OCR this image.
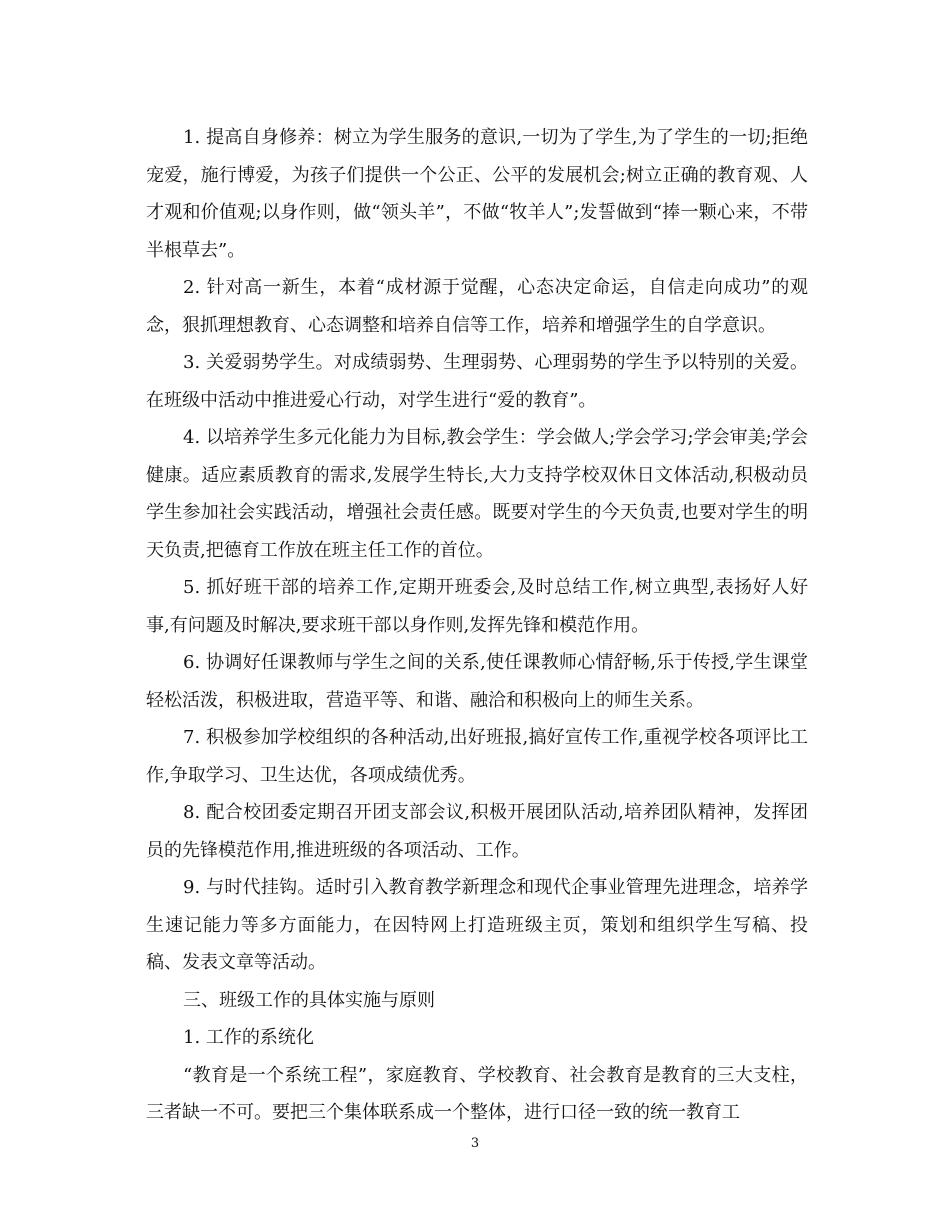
1. 提高自身修养：树立为学生服务的意识,一切为了学生,为了学生的一切;拒绝宠爱，施行博爱，为孩子们提供一个公正、公平的发展机会;树立正确的教育观、人才观和价值观;以身作则，做“领头羊”，不做“牧羊人”;发誓做到“捧一颗心来，不带半根草去”。

2. 针对高一新生，本着“成材源于觉醒，心态决定命运，自信走向成功”的观念，狠抓理想教育、心态调整和培养自信等工作，培养和增强学生的自学意识。

3. 关爱弱势学生。对成绩弱势、生理弱势、心理弱势的学生予以特别的关爱。在班级中活动中推进爱心行动，对学生进行“爱的教育”。

4. 以培养学生多元化能力为目标,教会学生：学会做人;学会学习;学会审美;学会健康。适应素质教育的需求,发展学生特长,大力支持学校双休日文体活动,积极动员学生参加社会实践活动，增强社会责任感。既要对学生的今天负责,也要对学生的明天负责,把德育工作放在班主任工作的首位。

5. 抓好班干部的培养工作,定期开班委会,及时总结工作,树立典型,表扬好人好事,有问题及时解决,要求班干部以身作则,发挥先锋和模范作用。

6. 协调好任课教师与学生之间的关系,使任课教师心情舒畅,乐于传授,学生课堂轻松活泼，积极进取，营造平等、和谐、融洽和积极向上的师生关系。

7. 积极参加学校组织的各种活动,出好班报,搞好宣传工作,重视学校各项评比工作,争取学习、卫生达优，各项成绩优秀。

8. 配合校团委定期召开团支部会议,积极开展团队活动,培养团队精神，发挥团员的先锋模范作用,推进班级的各项活动、工作。

9. 与时代挂钩。适时引入教育教学新理念和现代企事业管理先进理念，培养学生速记能力等多方面能力，在因特网上打造班级主页，策划和组织学生写稿、投稿、发表文章等活动。

三、班级工作的具体实施与原则

1. 工作的系统化

“教育是一个系统工程”，家庭教育、学校教育、社会教育是教育的三大支柱，三者缺一不可。要把三个集体联系成一个整体，进行口径一致的统一教育工

3
